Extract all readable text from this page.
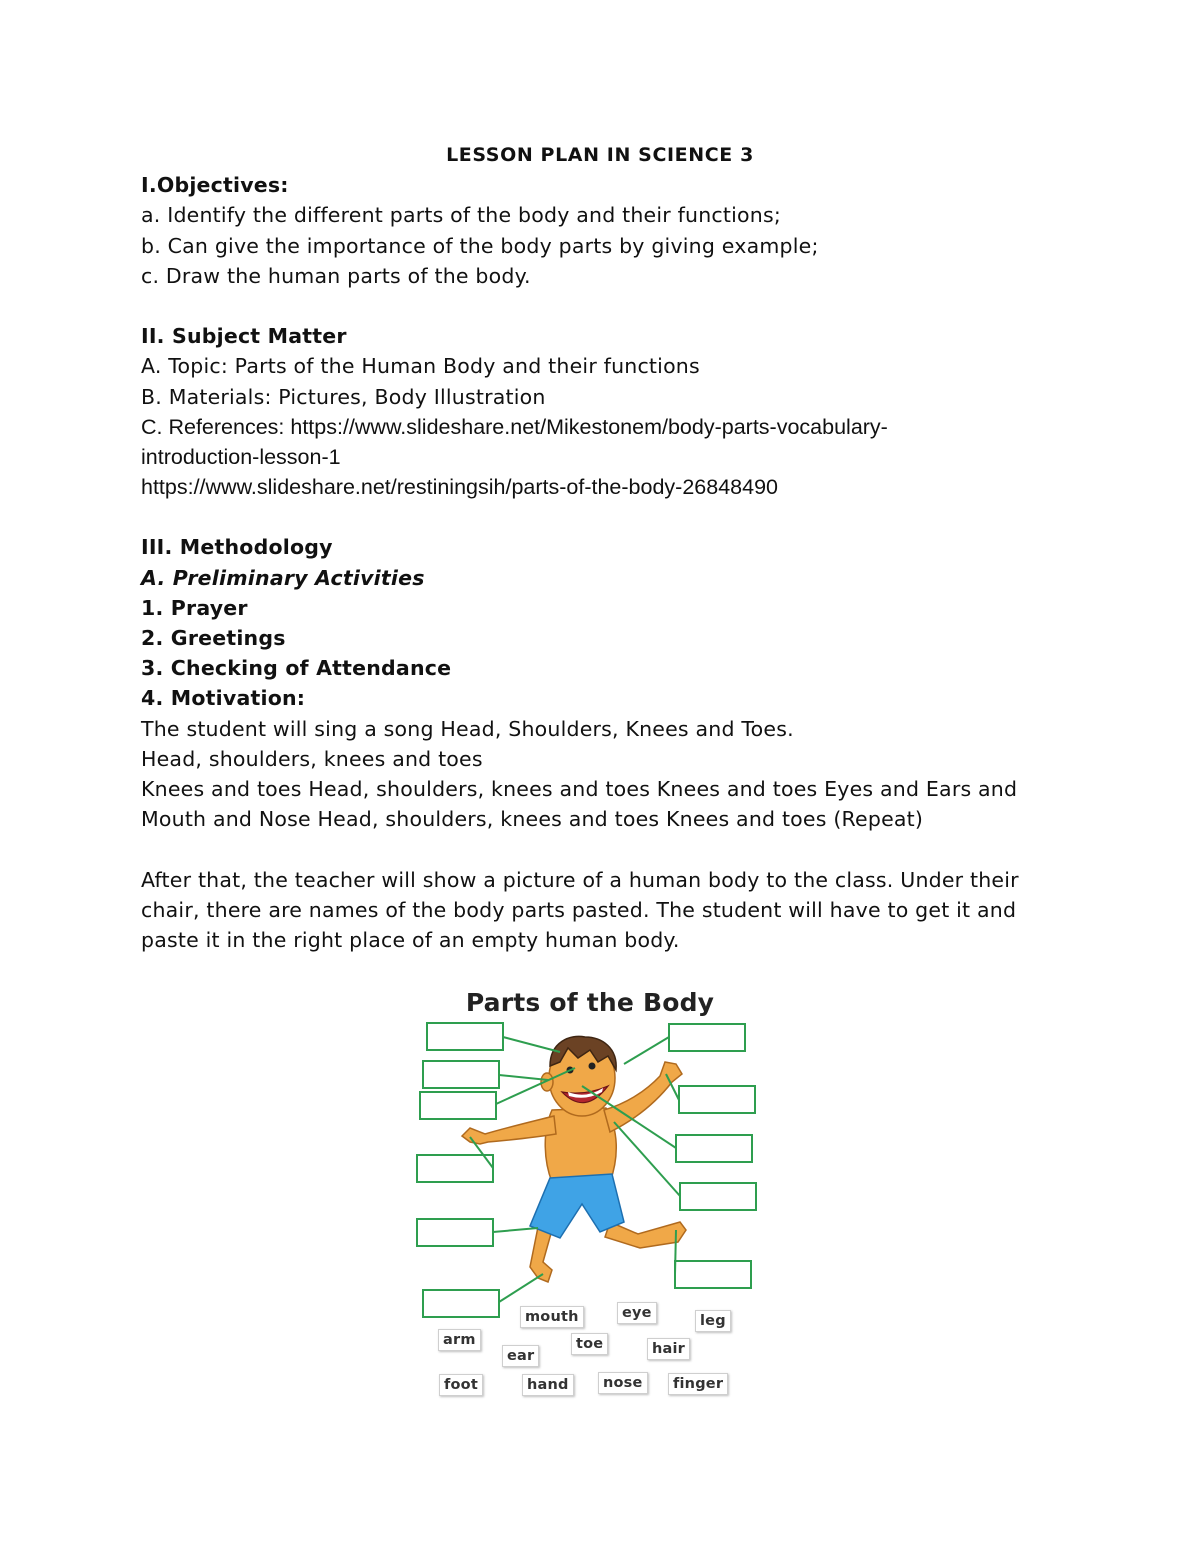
LESSON PLAN IN SCIENCE 3
I.Objectives:
a. Identify the different parts of the body and their functions;
b. Can give the importance of the body parts by giving example;
c. Draw the human parts of the body.
II. Subject Matter
A. Topic: Parts of the Human Body and their functions
B. Materials: Pictures, Body Illustration
C. References: https://www.slideshare.net/Mikestonem/body-parts-vocabulary-
introduction-lesson-1
https://www.slideshare.net/restiningsih/parts-of-the-body-26848490
III. Methodology
A. Preliminary Activities
1. Prayer
2. Greetings
3. Checking of Attendance
4. Motivation:
The student will sing a song Head, Shoulders, Knees and Toes.
Head, shoulders, knees and toes
Knees and toes Head, shoulders, knees and toes Knees and toes Eyes and Ears and
Mouth and Nose Head, shoulders, knees and toes Knees and toes (Repeat)
After that, the teacher will show a picture of a human body to the class. Under their
chair, there are names of the body parts pasted. The student will have to get it and
paste it in the right place of an empty human body.
Parts of the Body
mouth	eye	leg
arm	toe	hair
ear
foot	hand	nose	finger
